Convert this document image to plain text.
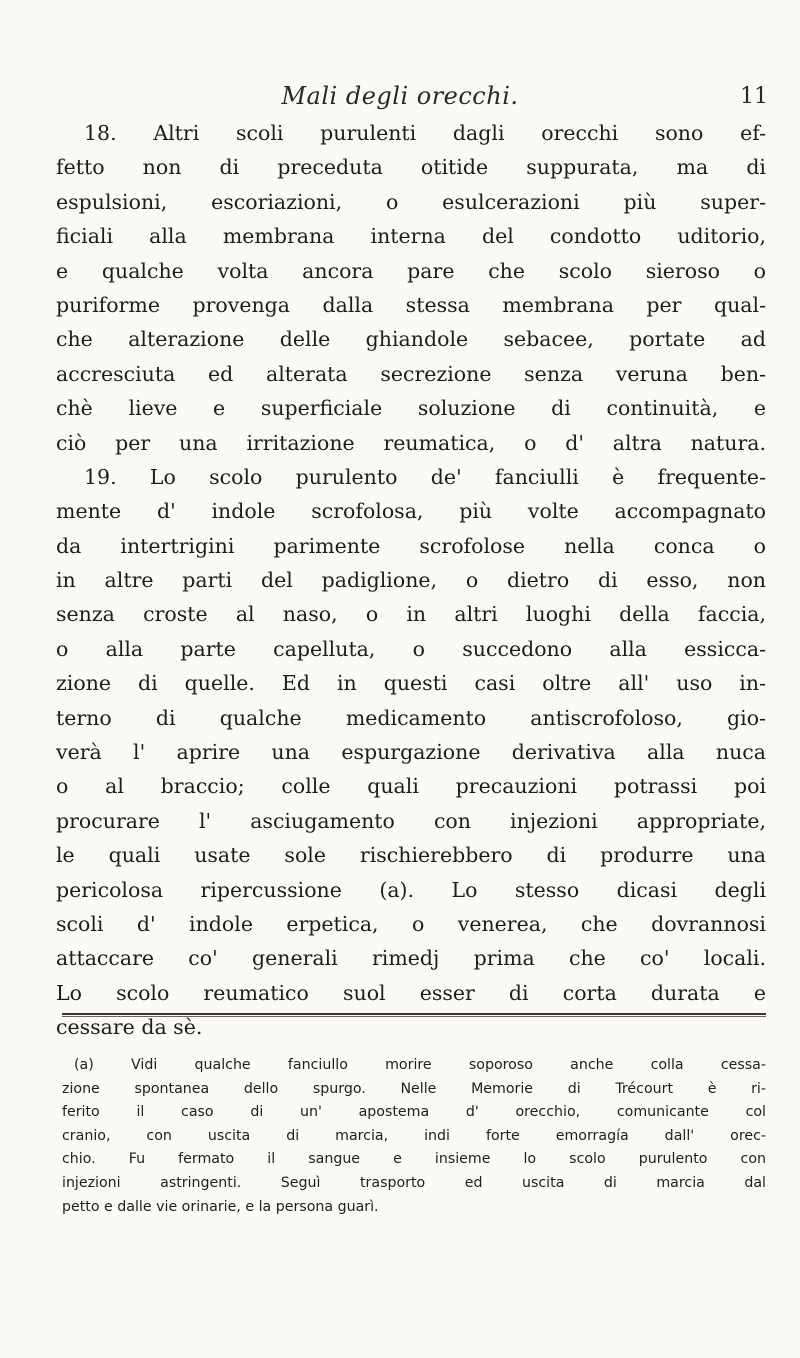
Mali degli orecchi.	11
18. Altri scoli purulenti dagli orecchi sono ef-
fetto non di preceduta otitide suppurata, ma di
espulsioni, escoriazioni, o esulcerazioni più super-
ficiali alla membrana interna del condotto uditorio,
e qualche volta ancora pare che scolo sieroso o
puriforme provenga dalla stessa membrana per qual-
che alterazione delle ghiandole sebacee, portate ad
accresciuta ed alterata secrezione senza veruna ben-
chè lieve e superficiale soluzione di continuità, e
ciò per una irritazione reumatica, o d' altra natura.
19. Lo scolo purulento de' fanciulli è frequente-
mente d' indole scrofolosa, più volte accompagnato
da intertrigini parimente scrofolose nella conca o
in altre parti del padiglione, o dietro di esso, non
senza croste al naso, o in altri luoghi della faccia,
o alla parte capelluta, o succedono alla essicca-
zione di quelle. Ed in questi casi oltre all' uso in-
terno di qualche medicamento antiscrofoloso, gio-
verà l' aprire una espurgazione derivativa alla nuca
o al braccio; colle quali precauzioni potrassi poi
procurare l' asciugamento con injezioni appropriate,
le quali usate sole rischierebbero di produrre una
pericolosa ripercussione (a). Lo stesso dicasi degli
scoli d' indole erpetica, o venerea, che dovrannosi
attaccare co' generali rimedj prima che co' locali.
Lo scolo reumatico suol esser di corta durata e
cessare da sè.
(a) Vidi qualche fanciullo morire soporoso anche colla cessa-
zione spontanea dello spurgo. Nelle Memorie di Trécourt è ri-
ferito il caso di un' apostema d' orecchio, comunicante col
cranio, con uscita di marcia, indi forte emorragía dall' orec-
chio. Fu fermato il sangue e insieme lo scolo purulento con
injezioni astringenti. Seguì trasporto ed uscita di marcia dal
petto e dalle vie orinarie, e la persona guarì.
